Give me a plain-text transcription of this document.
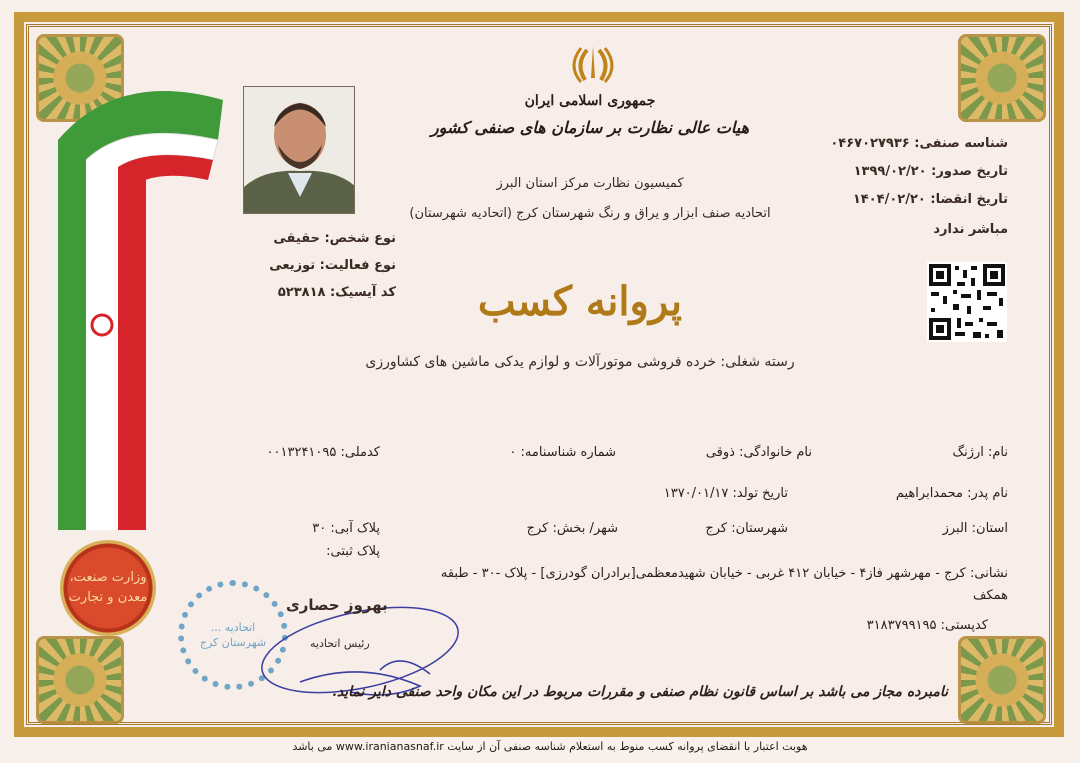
وزارت صنعت، معدن و تجارت
جمهوری اسلامی ایران
هیات عالی نظارت بر سازمان های صنفی کشور
کمیسیون نظارت مرکز استان البرز
اتحادیه صنف ابزار و یراق و رنگ شهرستان کرج (اتحادیه شهرستان)
شناسه صنفی: ۰۴۶۷۰۲۷۹۳۶
تاریخ صدور: ۱۳۹۹/۰۲/۲۰
تاریخ انقضا: ۱۴۰۴/۰۲/۲۰
مباشر ندارد
نوع شخص: حقیقی
نوع فعالیت: توزیعی
کد آیسیک: ۵۲۳۸۱۸	پروانه کسب
رسته شغلی: خرده فروشی موتورآلات و لوازم یدکی ماشین های کشاورزی
نام: ارژنگ
نام خانوادگی: ذوقی
شماره شناسنامه: ۰
کدملی: ۰۰۱۳۲۴۱۰۹۵
نام پدر: محمدابراهیم
تاریخ تولد: ۱۳۷۰/۰۱/۱۷
استان: البرز
شهرستان: کرج
شهر/ بخش: کرج
پلاک آبی: ۳۰
پلاک ثبتی:
نشانی: کرج - مهرشهر فاز۴ - خیابان ۴۱۲ غربی - خیابان شهیدمعظمی[برادران گودرزی] - پلاک -۳۰ - طبقه
همکف
کدپستی: ۳۱۸۳۷۹۹۱۹۵
اتحادیه ... شهرستان کرج
بهروز حصاری
رئیس اتحادیه
نامبرده مجاز می باشد بر اساس قانون نظام صنفی و مقررات مربوط در این مکان واحد صنفی دایر نماید.
هوبت اعتبار با انقضای پروانه کسب منوط به استعلام شناسه صنفی آن از سایت www.iranianasnaf.ir می باشد
